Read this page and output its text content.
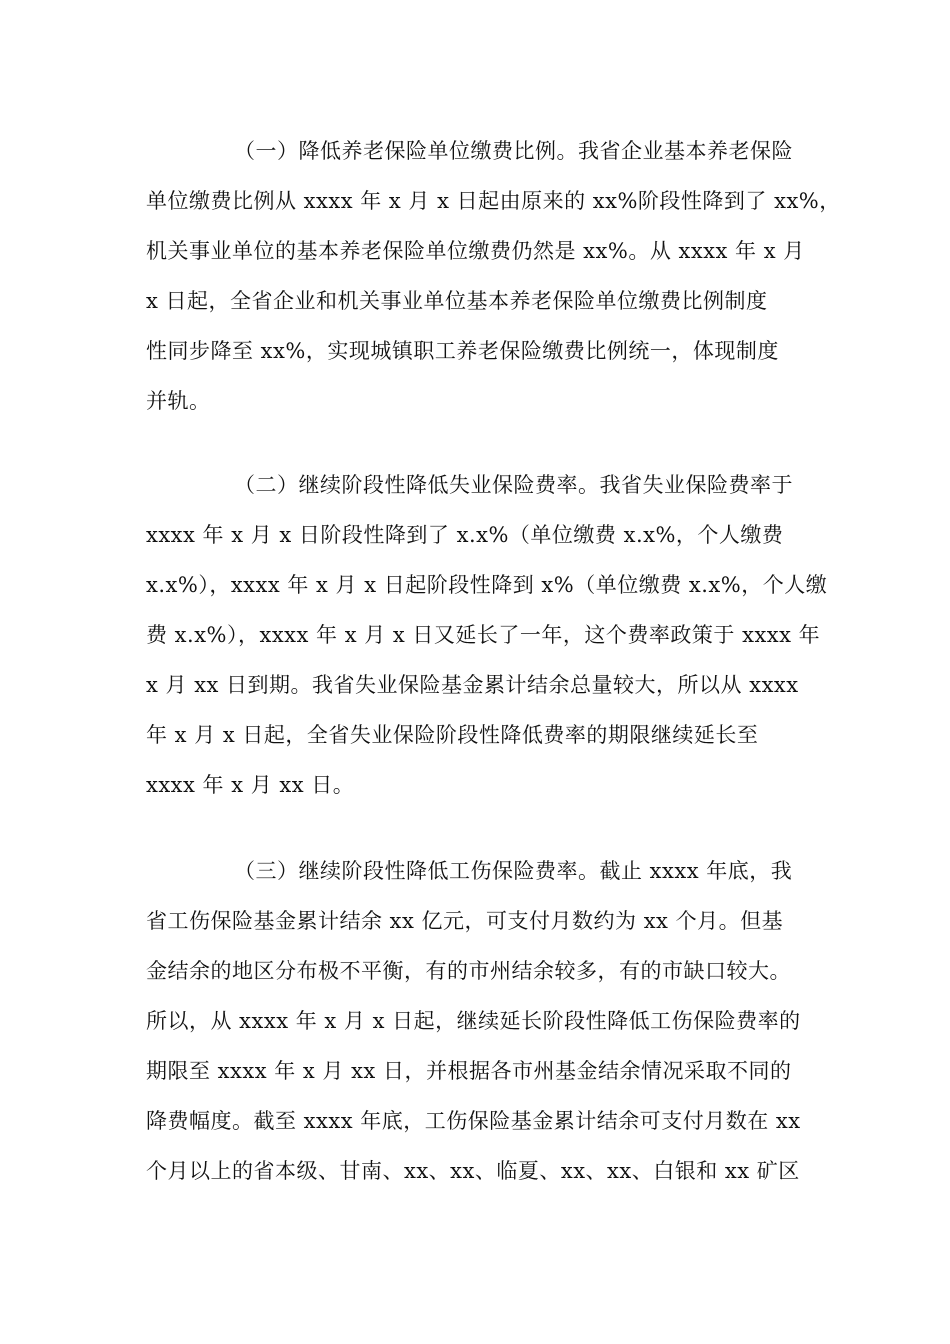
（一）降低养老保险单位缴费比例。我省企业基本养老保险
单位缴费比例从 xxxx 年 x 月 x 日起由原来的 xx%阶段性降到了 xx%，
机关事业单位的基本养老保险单位缴费仍然是 xx%。从 xxxx 年 x 月
x 日起，全省企业和机关事业单位基本养老保险单位缴费比例制度
性同步降至 xx%，实现城镇职工养老保险缴费比例统一，体现制度
并轨。
（二）继续阶段性降低失业保险费率。我省失业保险费率于
xxxx 年 x 月 x 日阶段性降到了 x.x%（单位缴费 x.x%，个人缴费
x.x%），xxxx 年 x 月 x 日起阶段性降到 x%（单位缴费 x.x%，个人缴
费 x.x%），xxxx 年 x 月 x 日又延长了一年，这个费率政策于 xxxx 年
x 月 xx 日到期。我省失业保险基金累计结余总量较大，所以从 xxxx
年 x 月 x 日起，全省失业保险阶段性降低费率的期限继续延长至
xxxx 年 x 月 xx 日。
（三）继续阶段性降低工伤保险费率。截止 xxxx 年底，我
省工伤保险基金累计结余 xx 亿元，可支付月数约为 xx 个月。但基
金结余的地区分布极不平衡，有的市州结余较多，有的市缺口较大。
所以，从 xxxx 年 x 月 x 日起，继续延长阶段性降低工伤保险费率的
期限至 xxxx 年 x 月 xx 日，并根据各市州基金结余情况采取不同的
降费幅度。截至 xxxx 年底，工伤保险基金累计结余可支付月数在 xx
个月以上的省本级、甘南、xx、xx、临夏、xx、xx、白银和 xx 矿区
